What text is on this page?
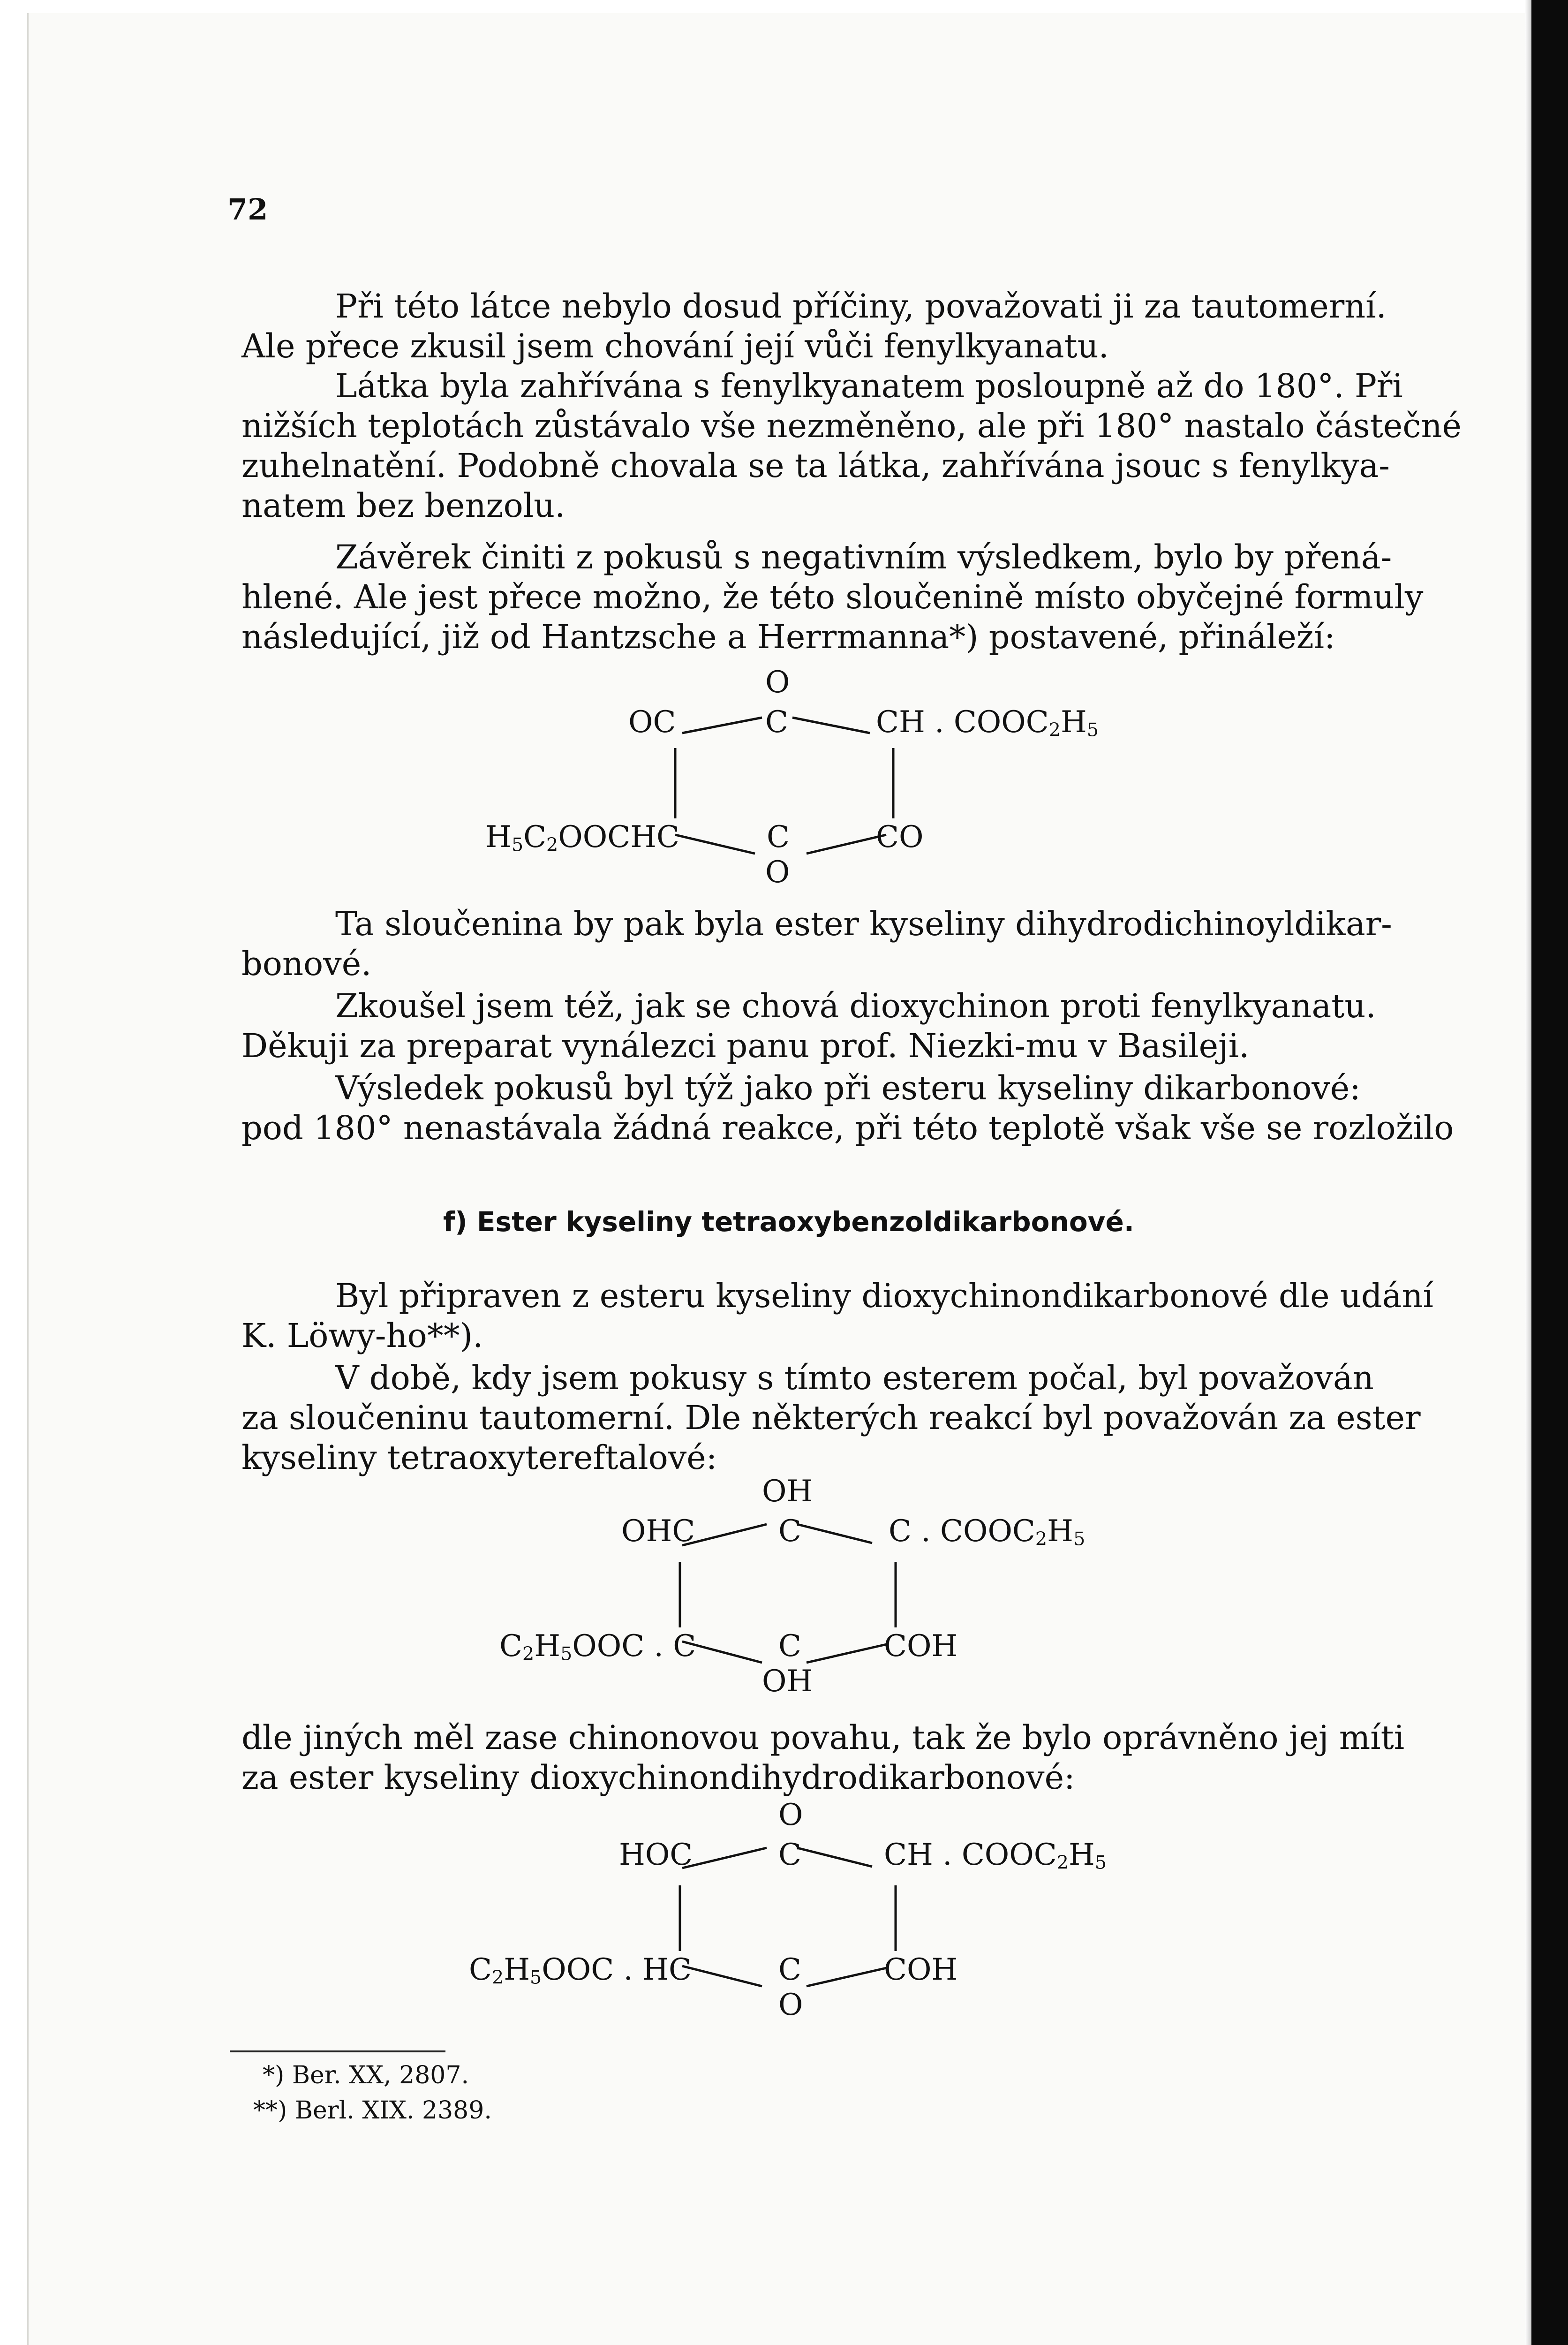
72
Při této látce nebylo dosud příčiny, považovati ji za tautomerní.
Ale přece zkusil jsem chování její vůči fenylkyanatu.
Látka byla zahřívána s fenylkyanatem posloupně až do 180°. Při
nižších teplotách zůstávalo vše nezměněno, ale při 180° nastalo částečné
zuhelnatění. Podobně chovala se ta látka, zahřívána jsouc s fenylkya-
natem bez benzolu.
Závěrek činiti z pokusů s negativním výsledkem, bylo by přená-
hlené. Ale jest přece možno, že této sloučenině místo obyčejné formuly
následující, již od Hantzsche a Herrmanna*) postavené, přináleží:
Ta sloučenina by pak byla ester kyseliny dihydrodichinoyldikar-
bonové.
Zkoušel jsem též, jak se chová dioxychinon proti fenylkyanatu.
Děkuji za preparat vynálezci panu prof. Niezki-mu v Basileji.
Výsledek pokusů byl týž jako při esteru kyseliny dikarbonové:
pod 180° nenastávala žádná reakce, při této teplotě však vše se rozložilo
Byl připraven z esteru kyseliny dioxychinondikarbonové dle udání
K. Löwy-ho**).
V době, kdy jsem pokusy s tímto esterem počal, byl považován
za sloučeninu tautomerní. Dle některých reakcí byl považován za ester
kyseliny tetraoxytereftalové:
dle jiných měl zase chinonovou povahu, tak že bylo oprávněno jej míti
za ester kyseliny dioxychinondihydrodikarbonové:
f) Ester kyseliny tetraoxybenzoldikarbonové.
O
OC	C	CH . $COOC_2H_5$
$H_5C_2OOCHC$	C	CO
O
OH
OHC	C	C . $COOC_2H_5$
$C_2H_5OOC$ . C	C	COH
OH
O
HOC	C	CH . $COOC_2H_5$
$C_2H_5OOC$ . HC	C	COH
O
*) Ber. XX, 2807.
**) Berl. XIX. 2389.
